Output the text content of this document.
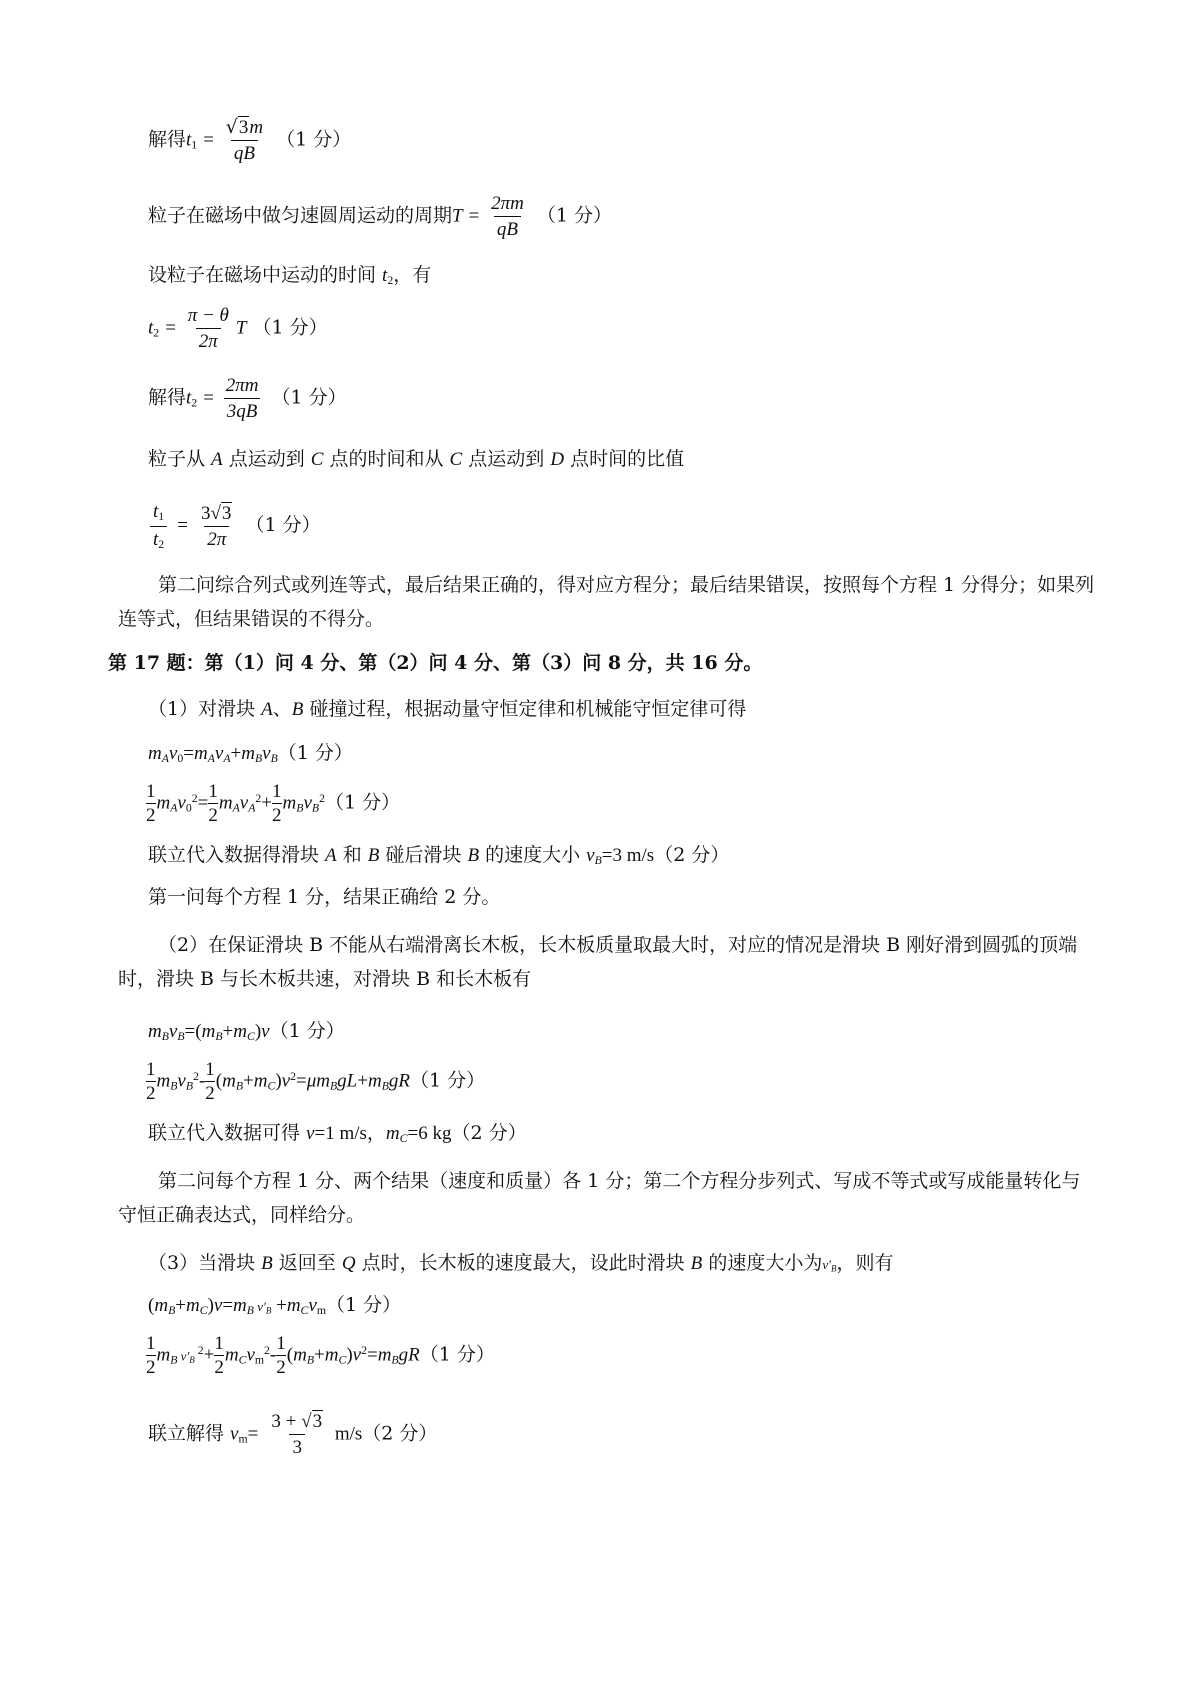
解得$t_1 = \frac{√3m}{qB} (1$ 分）
粒子在磁场中做匀速圆周运动的周期$T = \frac{2\pi m}{qB} (1$ 分）
设粒子在磁场中运动的时间 $t_2$，有
$t_2 = \frac{\pi - \theta}{2\pi}$ T （1 分）
解得$t_2 = \frac{2\pi m}{3qB} (1$ 分）
粒子从 A 点运动到 C 点的时间和从 C 点运动到 D 点时间的比值
$\frac{t_1}{t_2} = \frac{3√3}{2\pi} (1$ 分）
第二问综合列式或列连等式，最后结果正确的，得对应方程分；最后结果错误，按照每个方程 1 分得分；如果列连等式，但结果错误的不得分。
第 17 题：第（1）问 4 分、第（2）问 4 分、第（3）问 8 分，共 16 分。
（1）对滑块 A、B 碰撞过程，根据动量守恒定律和机械能守恒定律可得
$m_Av_0=m_Av_A+m_Bv_B(1$ 分）
$\frac{1}{2} m_Av_0^2= \frac{1}{2} m_Av_A^2+ \frac{1}{2} m_Bv_B^2(1$ 分）
联立代入数据得滑块 A 和 B 碰后滑块 B 的速度大小 $v_B=3$ m/s（2 分）
第一问每个方程 1 分，结果正确给 2 分。
（2）在保证滑块 B 不能从右端滑离长木板，长木板质量取最大时，对应的情况是滑块 B 刚好滑到圆弧的顶端时，滑块 B 与长木板共速，对滑块 B 和长木板有
$m_Bv_B=(m_B+m_C)v(1$ 分）
$\frac{1}{2} m_Bv_B^2- \frac{1}{2} (m_B+m_C)v^2=\mu m_BgL+m_BgR(1$ 分）
联立代入数据可得 v=1 m/s，$m_C=6$ kg（2 分）
第二问每个方程 1 分、两个结果（速度和质量）各 1 分；第二个方程分步列式、写成不等式或写成能量转化与守恒正确表达式，同样给分。
（3）当滑块 B 返回至 Q 点时，长木板的速度最大，设此时滑块 B 的速度大小为$v'_B$，则有
$(m_B+m_C)v=m_B$ $v'_B +m_Cv_m(1$ 分）
$\frac{1}{2} m_B$ $v'_B$ $^2+ \frac{1}{2} m_Cv_m^2- \frac{1}{2} (m_B+m_C)v^2=m_BgR(1$ 分）
联立解得 $v_m= \frac{3 + √3}{3} m/s(2$ 分）
